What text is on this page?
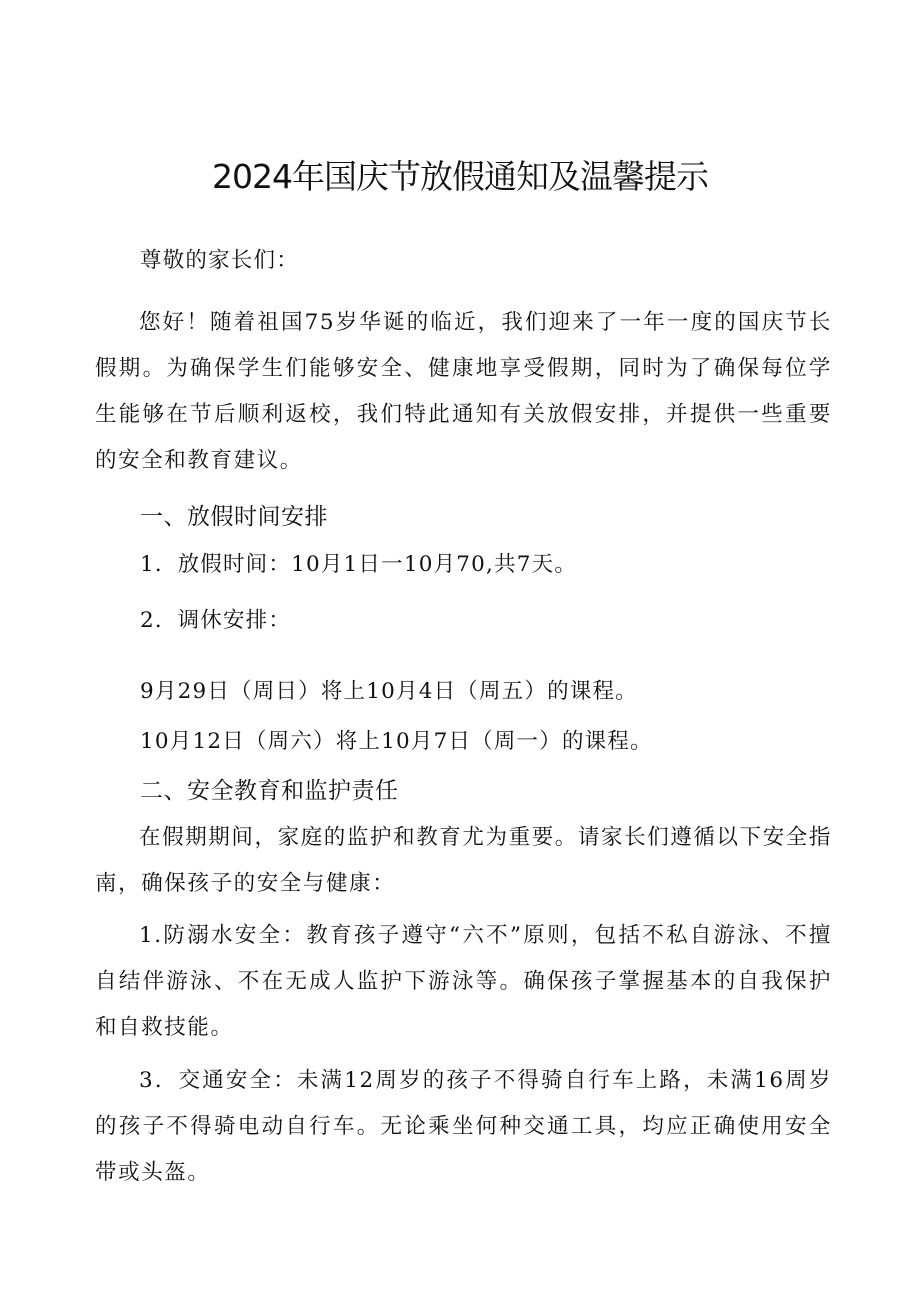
2024年国庆节放假通知及温馨提示
尊敬的家长们：
您好！随着祖国75岁华诞的临近，我们迎来了一年一度的国庆节长假期。为确保学生们能够安全、健康地享受假期，同时为了确保每位学生能够在节后顺利返校，我们特此通知有关放假安排，并提供一些重要的安全和教育建议。
一、放假时间安排
1．放假时间：10月1日一10月70,共7天。
2．调休安排：
9月29日（周日）将上10月4日（周五）的课程。
10月12日（周六）将上10月7日（周一）的课程。
二、安全教育和监护责任
在假期期间，家庭的监护和教育尤为重要。请家长们遵循以下安全指南，确保孩子的安全与健康：
1.防溺水安全：教育孩子遵守“六不”原则，包括不私自游泳、不擅自结伴游泳、不在无成人监护下游泳等。确保孩子掌握基本的自我保护和自救技能。
3．交通安全：未满12周岁的孩子不得骑自行车上路，未满16周岁的孩子不得骑电动自行车。无论乘坐何种交通工具，均应正确使用安全带或头盔。
